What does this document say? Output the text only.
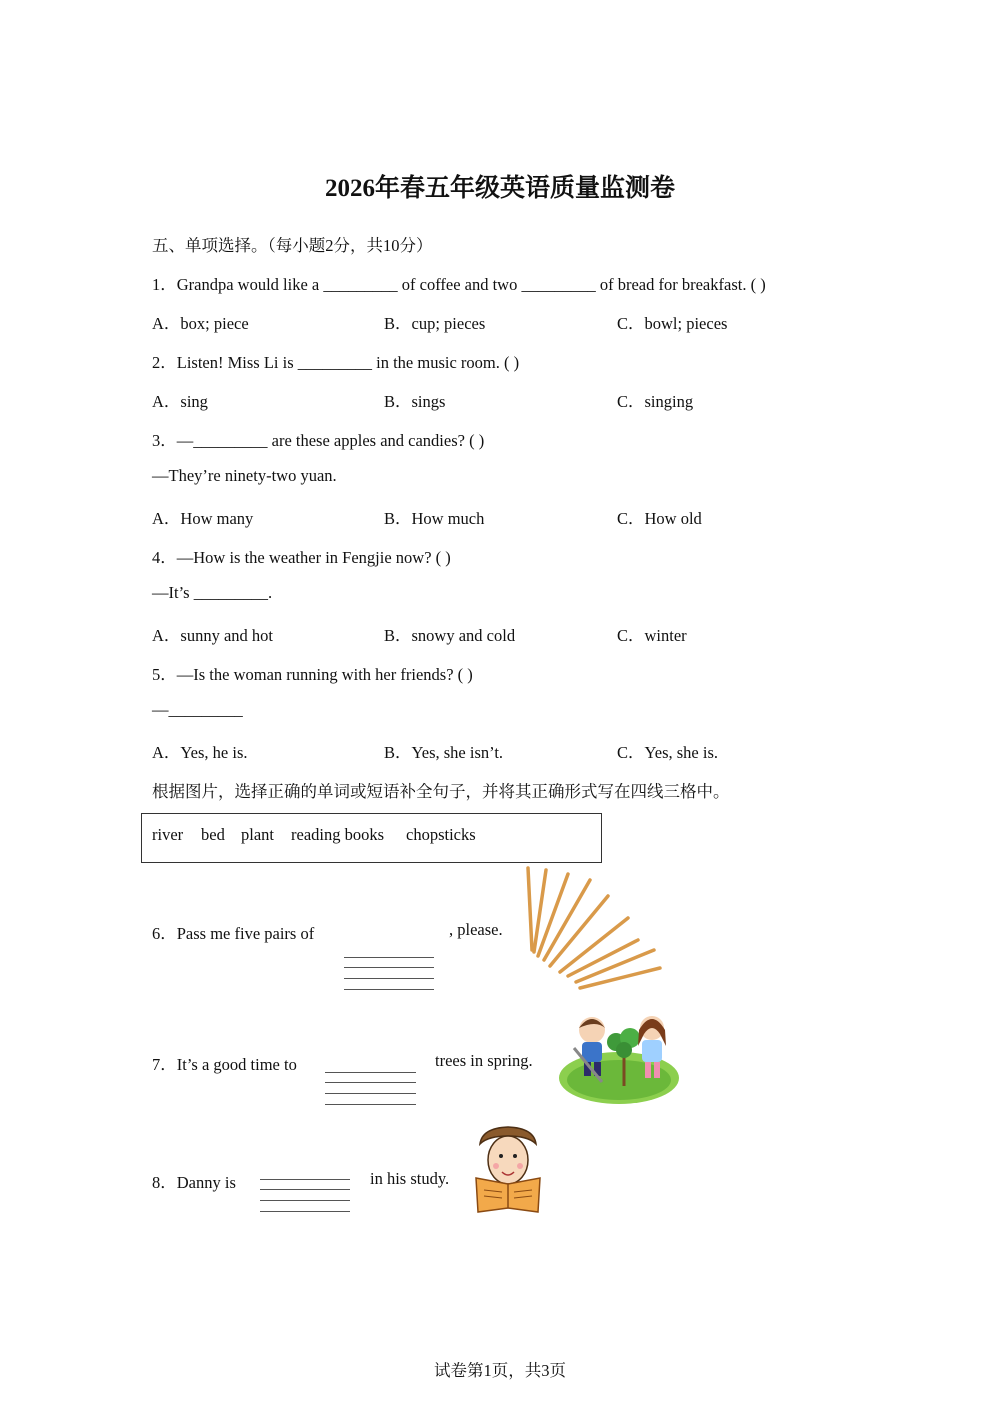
2026年春五年级英语质量监测卷
五、单项选择。（每小题2分，共10分）
1．Grandpa would like a _________ of coffee and two _________ of bread for breakfast. ( )
A．box; piece	B．cup; pieces	C．bowl; pieces
2．Listen! Miss Li is _________ in the music room. ( )
A．sing	B．sings	C．singing
3．—_________ are these apples and candies? ( )
—They’re ninety-two yuan.
A．How many	B．How much	C．How old
4．—How is the weather in Fengjie now? ( )
—It’s _________.
A．sunny and hot	B．snowy and cold	C．winter
5．—Is the woman running with her friends? ( )
—_________
A．Yes, he is.	B．Yes, she isn’t.	C．Yes, she is.
根据图片，选择正确的单词或短语补全句子，并将其正确形式写在四线三格中。
river bed plant reading books chopsticks
6．Pass me five pairs of	, please.
7．It’s a good time to	trees in spring.
8．Danny is	in his study.
试卷第1页，共3页
